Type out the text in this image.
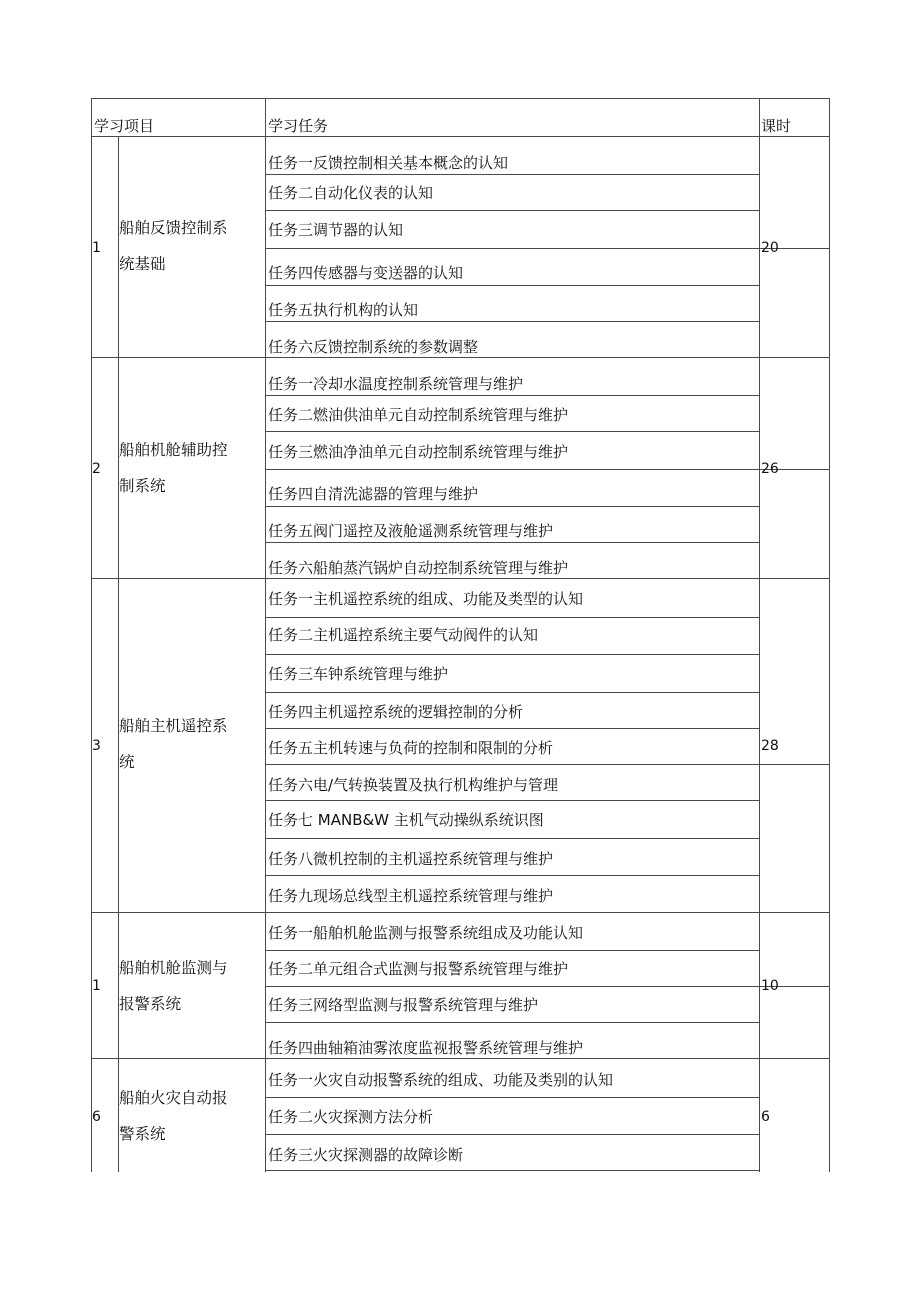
学习项目	学习任务	课时
1
船舶反馈控制系
统基础
20
任务一反馈控制相关基本概念的认知
任务二自动化仪表的认知
任务三调节器的认知
任务四传感器与变送器的认知
任务五执行机构的认知
任务六反馈控制系统的参数调整
2
船舶机舱辅助控
制系统
26
任务一冷却水温度控制系统管理与维护
任务二燃油供油单元自动控制系统管理与维护
任务三燃油净油单元自动控制系统管理与维护
任务四自清洗滤器的管理与维护
任务五阀门遥控及液舱遥测系统管理与维护
任务六船舶蒸汽锅炉自动控制系统管理与维护
3
船舶主机遥控系
统
28
任务一主机遥控系统的组成、功能及类型的认知
任务二主机遥控系统主要气动阀件的认知
任务三车钟系统管理与维护
任务四主机遥控系统的逻辑控制的分析
任务五主机转速与负荷的控制和限制的分析
任务六电/气转换装置及执行机构维护与管理
任务七 MANB&W 主机气动操纵系统识图
任务八微机控制的主机遥控系统管理与维护
任务九现场总线型主机遥控系统管理与维护
1
船舶机舱监测与
报警系统
10
任务一船舶机舱监测与报警系统组成及功能认知
任务二单元组合式监测与报警系统管理与维护
任务三网络型监测与报警系统管理与维护
任务四曲轴箱油雾浓度监视报警系统管理与维护
6
船舶火灾自动报
警系统
6
任务一火灾自动报警系统的组成、功能及类别的认知
任务二火灾探测方法分析
任务三火灾探测器的故障诊断
